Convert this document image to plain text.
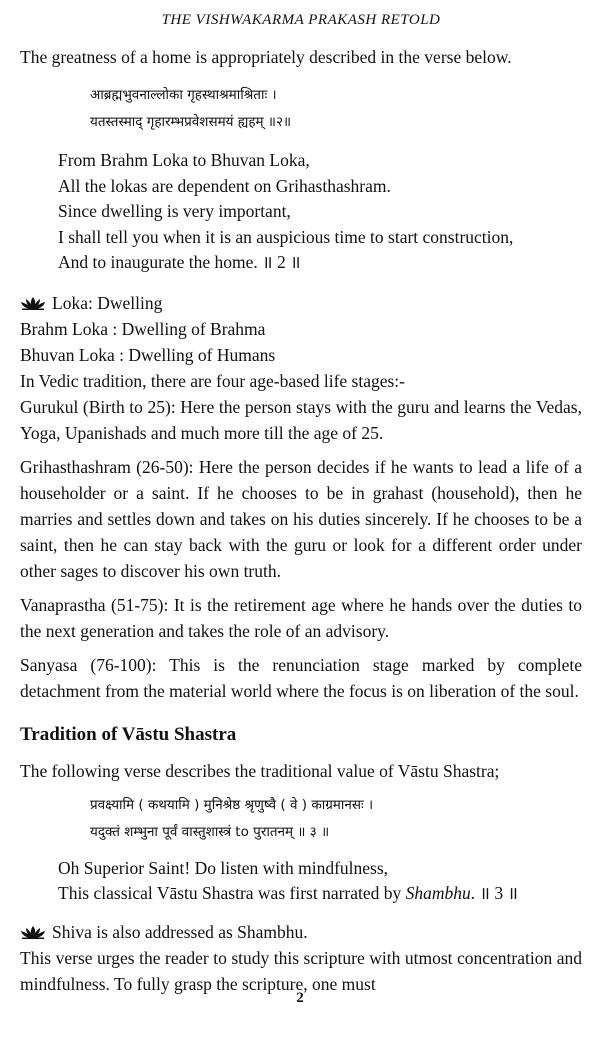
THE VISHWAKARMA PRAKASH RETOLD

The greatness of a home is appropriately described in the verse below.

आब्रह्मभुवनाल्लोका गृहस्थाश्रमाश्रिताः ।
यतस्तस्माद् गृहारम्भप्रवेशसमयं ह्यहम् ॥२॥
From Brahm Loka to Bhuvan Loka,
All the lokas are dependent on Grihasthashram.
Since dwelling is very important,
I shall tell you when it is an auspicious time to start construction,
And to inaugurate the home. ॥ 2 ॥
Loka: Dwelling

Brahm Loka : Dwelling of Brahma

Bhuvan Loka : Dwelling of Humans

In Vedic tradition, there are four age-based life stages:-

Gurukul (Birth to 25): Here the person stays with the guru and learns the Vedas, Yoga, Upanishads and much more till the age of 25.

Grihasthashram (26-50): Here the person decides if he wants to lead a life of a householder or a saint. If he chooses to be in grahast (household), then he marries and settles down and takes on his duties sincerely. If he chooses to be a saint, then he can stay back with the guru or look for a different order under other sages to discover his own truth.

Vanaprastha (51-75): It is the retirement age where he hands over the duties to the next generation and takes the role of an advisory.

Sanyasa (76-100): This is the renunciation stage marked by complete detachment from the material world where the focus is on liberation of the soul.

Tradition of Vāstu Shastra

The following verse describes the traditional value of Vāstu Shastra;

प्रवक्ष्यामि ( कथयामि ) मुनिश्रेष्ठ श्रृणुष्वै ( वे ) काग्रमानसः ।
यदुक्तं शम्भुना पूर्वं वास्तुशास्त्रं to पुरातनम् ॥ ३ ॥
Oh Superior Saint! Do listen with mindfulness,
This classical Vāstu Shastra was first narrated by Shambhu. ॥ 3 ॥
Shiva is also addressed as Shambhu.

This verse urges the reader to study this scripture with utmost concentration and mindfulness. To fully grasp the scripture, one must

2
